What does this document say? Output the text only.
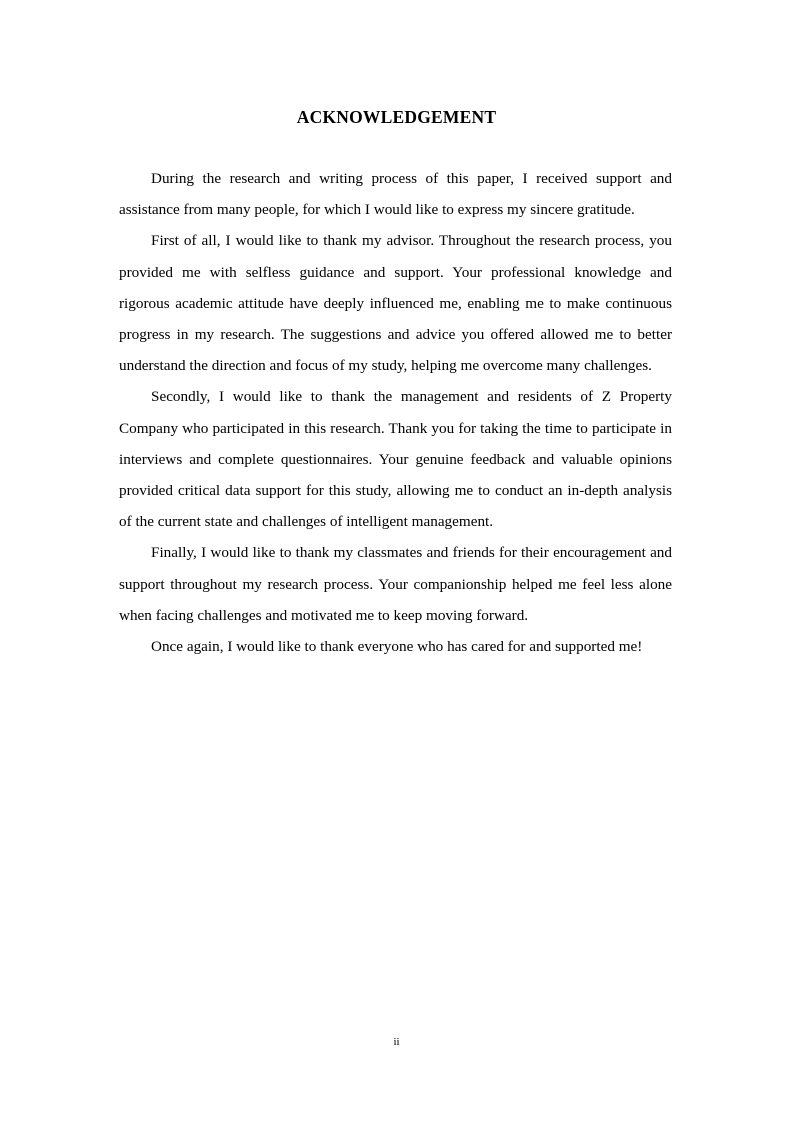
ACKNOWLEDGEMENT

During the research and writing process of this paper, I received support and assistance from many people, for which I would like to express my sincere gratitude.

First of all, I would like to thank my advisor. Throughout the research process, you provided me with selfless guidance and support. Your professional knowledge and rigorous academic attitude have deeply influenced me, enabling me to make continuous progress in my research. The suggestions and advice you offered allowed me to better understand the direction and focus of my study, helping me overcome many challenges.

Secondly, I would like to thank the management and residents of Z Property Company who participated in this research. Thank you for taking the time to participate in interviews and complete questionnaires. Your genuine feedback and valuable opinions provided critical data support for this study, allowing me to conduct an in-depth analysis of the current state and challenges of intelligent management.

Finally, I would like to thank my classmates and friends for their encouragement and support throughout my research process. Your companionship helped me feel less alone when facing challenges and motivated me to keep moving forward.

Once again, I would like to thank everyone who has cared for and supported me!

ii
